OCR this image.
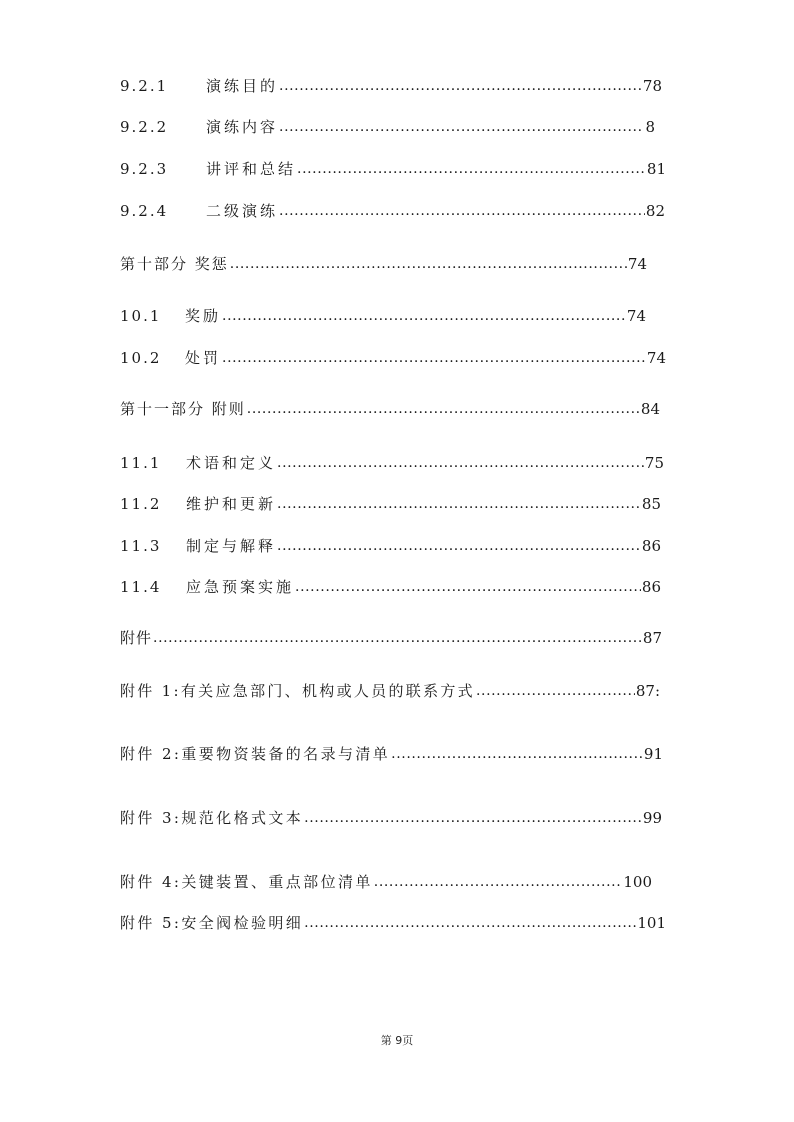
9.2.1	演练目的 .....	78
9.2.2	演练内容 .....	8
9.2.3	讲评和总结 .....	81
9.2.4	二级演练 .....	82
第十部分 奖惩 .....	74
10.1	奖励 .....	74
10.2	处罚 .....	74
第十一部分 附则 .....	84
11.1	术语和定义 .....	75
11.2	维护和更新 .....	85
11.3	制定与解释 .....	86
11.4	应急预案实施 .....	86
附件 .....	87
附件 1:有关应急部门、机构或人员的联系方式 .....	87:
附件 2:重要物资装备的名录与清单 .....	91
附件 3:规范化格式文本 .....	99
附件 4:关键装置、重点部位清单 .....	100
附件 5:安全阀检验明细 .....	101
第 9页
